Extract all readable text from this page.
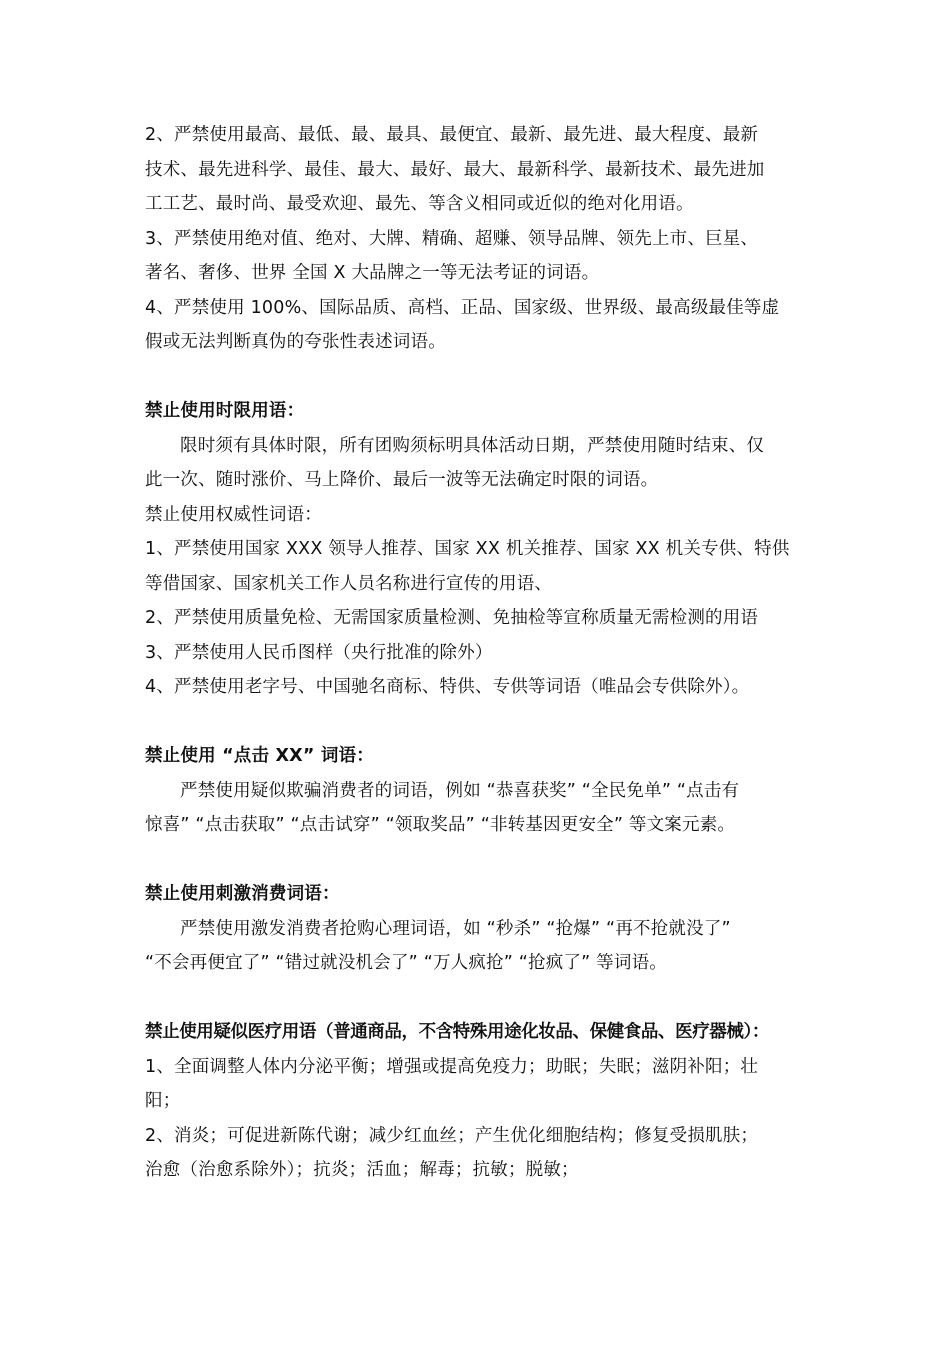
2、严禁使用最高、最低、最、最具、最便宜、最新、最先进、最大程度、最新
技术、最先进科学、最佳、最大、最好、最大、最新科学、最新技术、最先进加
工工艺、最时尚、最受欢迎、最先、等含义相同或近似的绝对化用语。
3、严禁使用绝对值、绝对、大牌、精确、超赚、领导品牌、领先上市、巨星、
著名、奢侈、世界 全国 X 大品牌之一等无法考证的词语。
4、严禁使用 100%、国际品质、高档、正品、国家级、世界级、最高级最佳等虚
假或无法判断真伪的夸张性表述词语。
禁止使用时限用语：
限时须有具体时限，所有团购须标明具体活动日期，严禁使用随时结束、仅
此一次、随时涨价、马上降价、最后一波等无法确定时限的词语。
禁止使用权威性词语：
1、严禁使用国家 XXX 领导人推荐、国家 XX 机关推荐、国家 XX 机关专供、特供
等借国家、国家机关工作人员名称进行宣传的用语、
2、严禁使用质量免检、无需国家质量检测、免抽检等宣称质量无需检测的用语
3、严禁使用人民币图样（央行批准的除外）
4、严禁使用老字号、中国驰名商标、特供、专供等词语（唯品会专供除外）。
禁止使用 “点击 XX” 词语：
严禁使用疑似欺骗消费者的词语，例如 “恭喜获奖” “全民免单” “点击有
惊喜” “点击获取” “点击试穿” “领取奖品” “非转基因更安全” 等文案元素。
禁止使用刺激消费词语：
严禁使用激发消费者抢购心理词语，如 “秒杀” “抢爆” “再不抢就没了”
“不会再便宜了” “错过就没机会了” “万人疯抢” “抢疯了” 等词语。
禁止使用疑似医疗用语（普通商品，不含特殊用途化妆品、保健食品、医疗器械）：
1、全面调整人体内分泌平衡；增强或提高免疫力；助眠；失眠；滋阴补阳；壮
阳；
2、消炎；可促进新陈代谢；减少红血丝；产生优化细胞结构；修复受损肌肤；
治愈（治愈系除外）；抗炎；活血；解毒；抗敏；脱敏；
